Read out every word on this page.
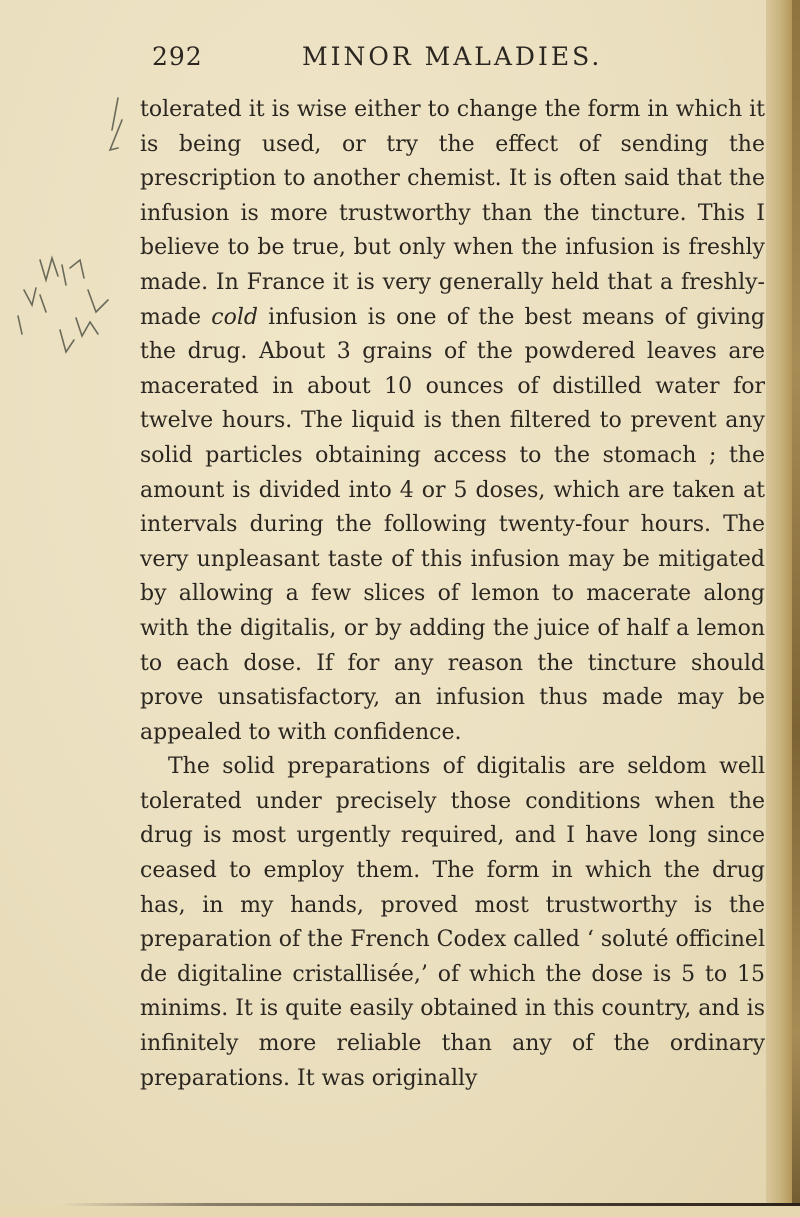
292	MINOR MALADIES.

tolerated it is wise either to change the form in which it is being used, or try the effect of sending the prescription to another chemist. It is often said that the infusion is more trustworthy than the tincture. This I believe to be true, but only when the infusion is freshly made. In France it is very generally held that a freshly-made cold infusion is one of the best means of giving the drug. About 3 grains of the powdered leaves are macerated in about 10 ounces of distilled water for twelve hours. The liquid is then filtered to prevent any solid particles obtaining access to the stomach ; the amount is divided into 4 or 5 doses, which are taken at intervals during the following twenty-four hours. The very unpleasant taste of this infusion may be mitigated by allowing a few slices of lemon to macerate along with the digitalis, or by adding the juice of half a lemon to each dose. If for any reason the tincture should prove unsatisfactory, an infusion thus made may be appealed to with confidence.

The solid preparations of digitalis are seldom well tolerated under precisely those conditions when the drug is most urgently required, and I have long since ceased to employ them. The form in which the drug has, in my hands, proved most trustworthy is the preparation of the French Codex called ‘ soluté officinel de digitaline cristallisée,’ of which the dose is 5 to 15 minims. It is quite easily obtained in this country, and is infinitely more reliable than any of the ordinary preparations. It was originally
